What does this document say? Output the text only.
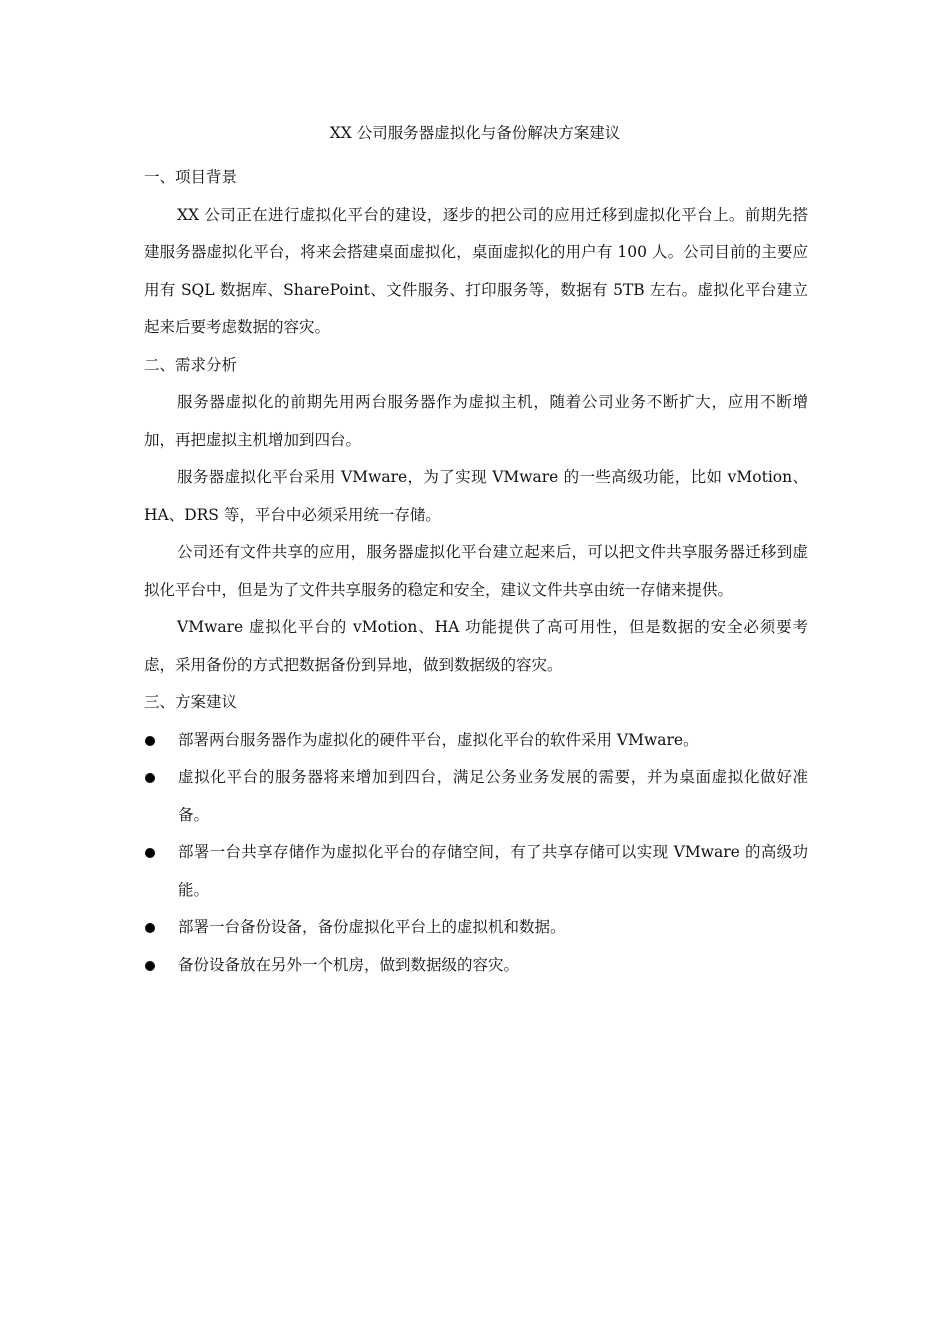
XX 公司服务器虚拟化与备份解决方案建议

一、项目背景

XX 公司正在进行虚拟化平台的建设，逐步的把公司的应用迁移到虚拟化平台上。前期先搭建服务器虚拟化平台，将来会搭建桌面虚拟化，桌面虚拟化的用户有 100 人。公司目前的主要应用有 SQL 数据库、SharePoint、文件服务、打印服务等，数据有 5TB 左右。虚拟化平台建立起来后要考虑数据的容灾。

二、需求分析

服务器虚拟化的前期先用两台服务器作为虚拟主机，随着公司业务不断扩大，应用不断增加，再把虚拟主机增加到四台。

服务器虚拟化平台采用 VMware，为了实现 VMware 的一些高级功能，比如 vMotion、HA、DRS 等，平台中必须采用统一存储。

公司还有文件共享的应用，服务器虚拟化平台建立起来后，可以把文件共享服务器迁移到虚拟化平台中，但是为了文件共享服务的稳定和安全，建议文件共享由统一存储来提供。

VMware 虚拟化平台的 vMotion、HA 功能提供了高可用性，但是数据的安全必须要考虑，采用备份的方式把数据备份到异地，做到数据级的容灾。

三、方案建议

部署两台服务器作为虚拟化的硬件平台，虚拟化平台的软件采用 VMware。
虚拟化平台的服务器将来增加到四台，满足公务业务发展的需要，并为桌面虚拟化做好准备。
部署一台共享存储作为虚拟化平台的存储空间，有了共享存储可以实现 VMware 的高级功能。
部署一台备份设备，备份虚拟化平台上的虚拟机和数据。
备份设备放在另外一个机房，做到数据级的容灾。
